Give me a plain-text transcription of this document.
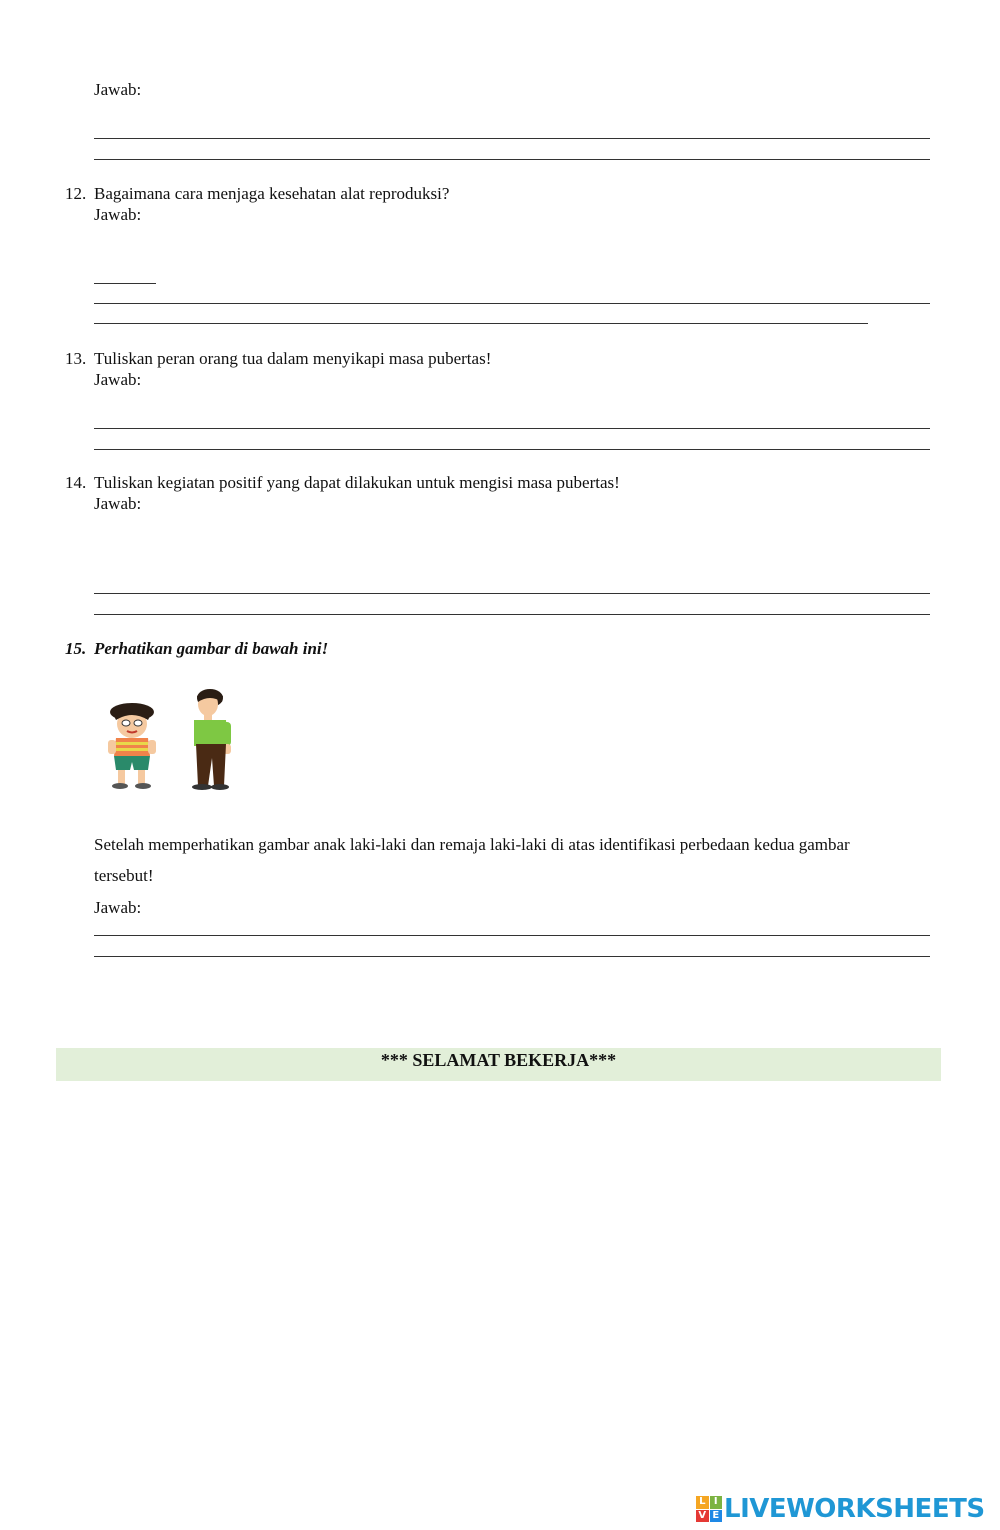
Jawab:
12. Bagaimana cara menjaga kesehatan alat reproduksi?
Jawab:
13. Tuliskan peran orang tua dalam menyikapi masa pubertas!
Jawab:
14. Tuliskan kegiatan positif yang dapat dilakukan untuk mengisi masa pubertas!
Jawab:
15. Perhatikan gambar di bawah ini!
Setelah memperhatikan gambar anak laki-laki dan remaja laki-laki di atas identifikasi perbedaan kedua gambar
tersebut!
Jawab:
*** SELAMAT BEKERJA***
L I
V E LIVEWORKSHEETS
